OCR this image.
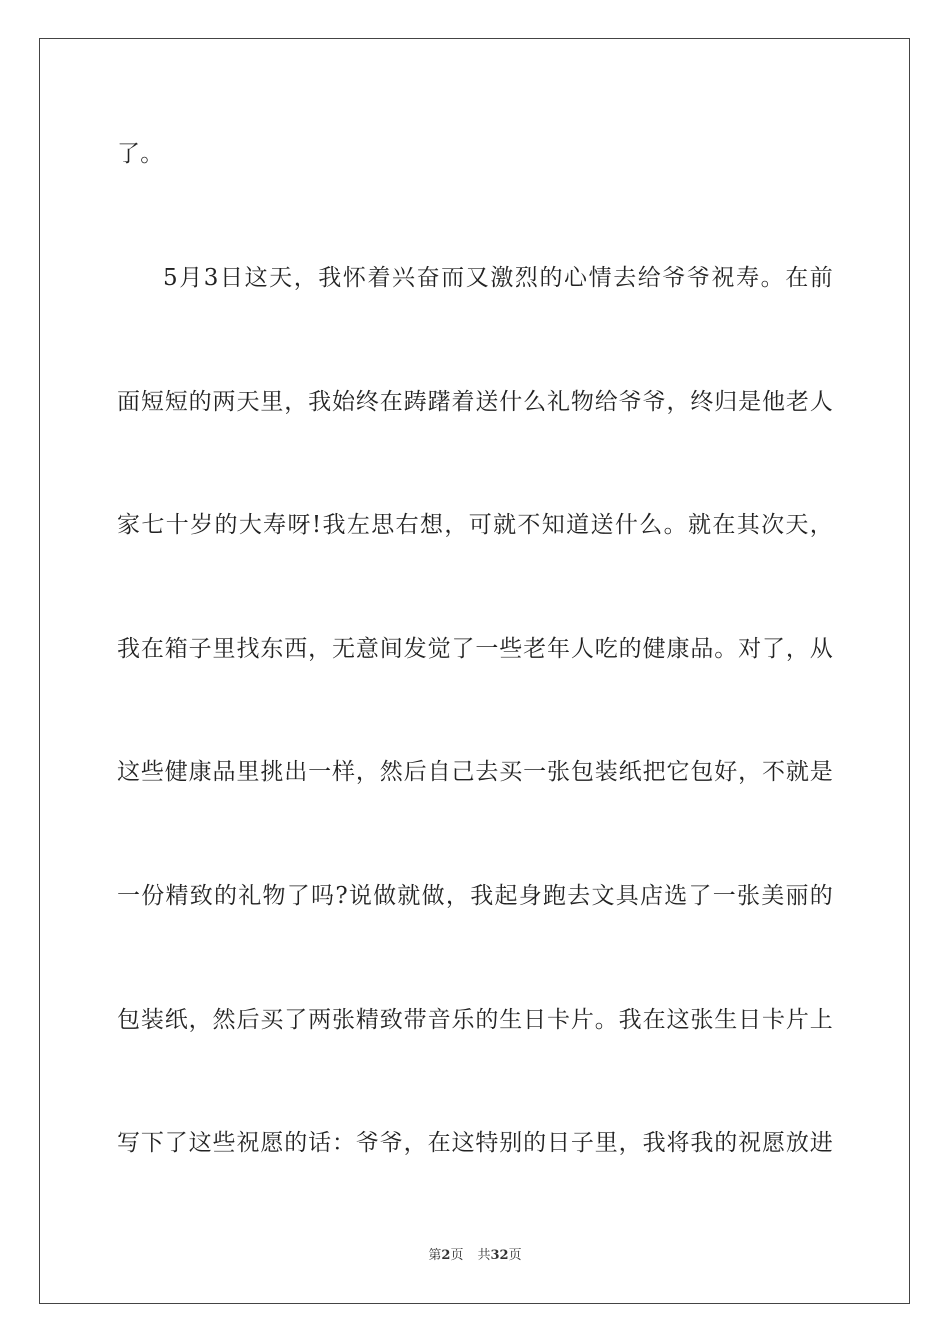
了。
5月3日这天，我怀着兴奋而又激烈的心情去给爷爷祝寿。在前
面短短的两天里，我始终在踌躇着送什么礼物给爷爷，终归是他老人
家七十岁的大寿呀!我左思右想，可就不知道送什么。就在其次天，
我在箱子里找东西，无意间发觉了一些老年人吃的健康品。对了，从
这些健康品里挑出一样，然后自己去买一张包装纸把它包好，不就是
一份精致的礼物了吗?说做就做，我起身跑去文具店选了一张美丽的
包装纸，然后买了两张精致带音乐的生日卡片。我在这张生日卡片上
写下了这些祝愿的话：爷爷，在这特别的日子里，我将我的祝愿放进
第2页 共32页
